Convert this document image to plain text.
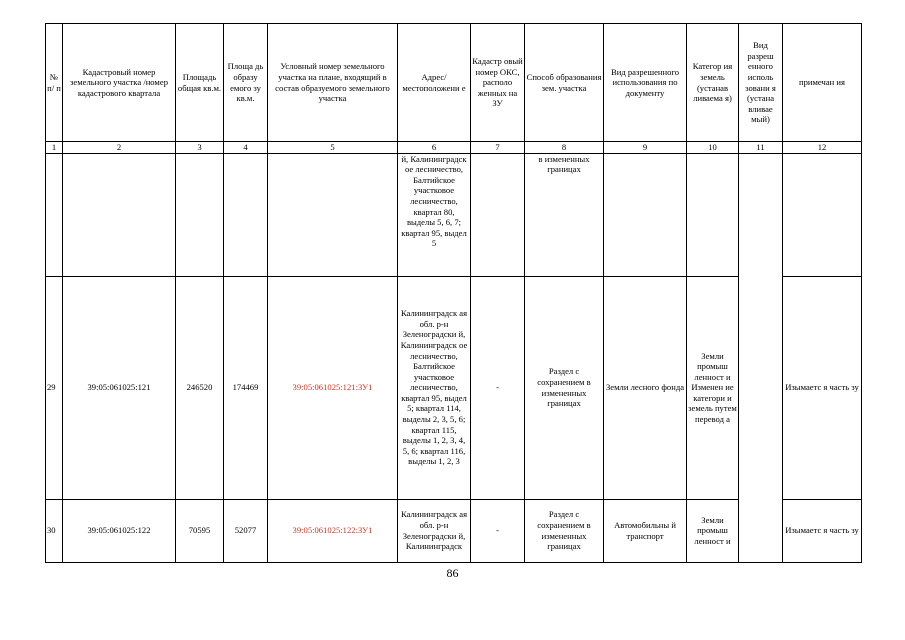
№ п/ п	Кадастровый номер земельного участка /номер кадастрового квартала	Площадь общая кв.м.	Площа дь образу емого зу кв.м.	Условный номер земельного участка на плане, входящий в состав образуемого земельного участка	Адрес/ местоположени е	Кадастр овый номер ОКС, располо женных на ЗУ	Способ образования зем. участка	Вид разрешенного использования по документу	Категор ия земель (устанав ливаема я)	Вид разреш енного исполь зовани я (устана вливае мый)	примечан ия
1	2	3	4	5	6	7	8	9	10	11	12
					й, Калининградск ое лесничество, Балтийское участковое лесничество, квартал 80, выделы 5, 6, 7; квартал 95, выдел 5		в измененных границах				
29	39:05:061025:121	246520	174469	39:05:061025:121:ЗУ1	Калининградск ая обл. р-н Зеленоградски й, Калининградск ое лесничество, Балтийское участковое лесничество, квартал 95, выдел 5; квартал 114, выделы 2, 3, 5, 6; квартал 115, выделы 1, 2, 3, 4, 5, 6; квартал 116, выделы 1, 2, 3	-	Раздел с сохранением в измененных границах	Земли лесного фонда	Земли промыш ленност и Изменен ие категори и земель путем перевод а		Изымаетс я часть зу
30	39:05:061025:122	70595	52077	39:05:061025:122:ЗУ1	Калининградск ая обл. р-н Зеленоградски й, Калининградск	-	Раздел с сохранением в измененных границах	Автомобильны й транспорт	Земли промыш ленност и		Изымаетс я часть зу
86
